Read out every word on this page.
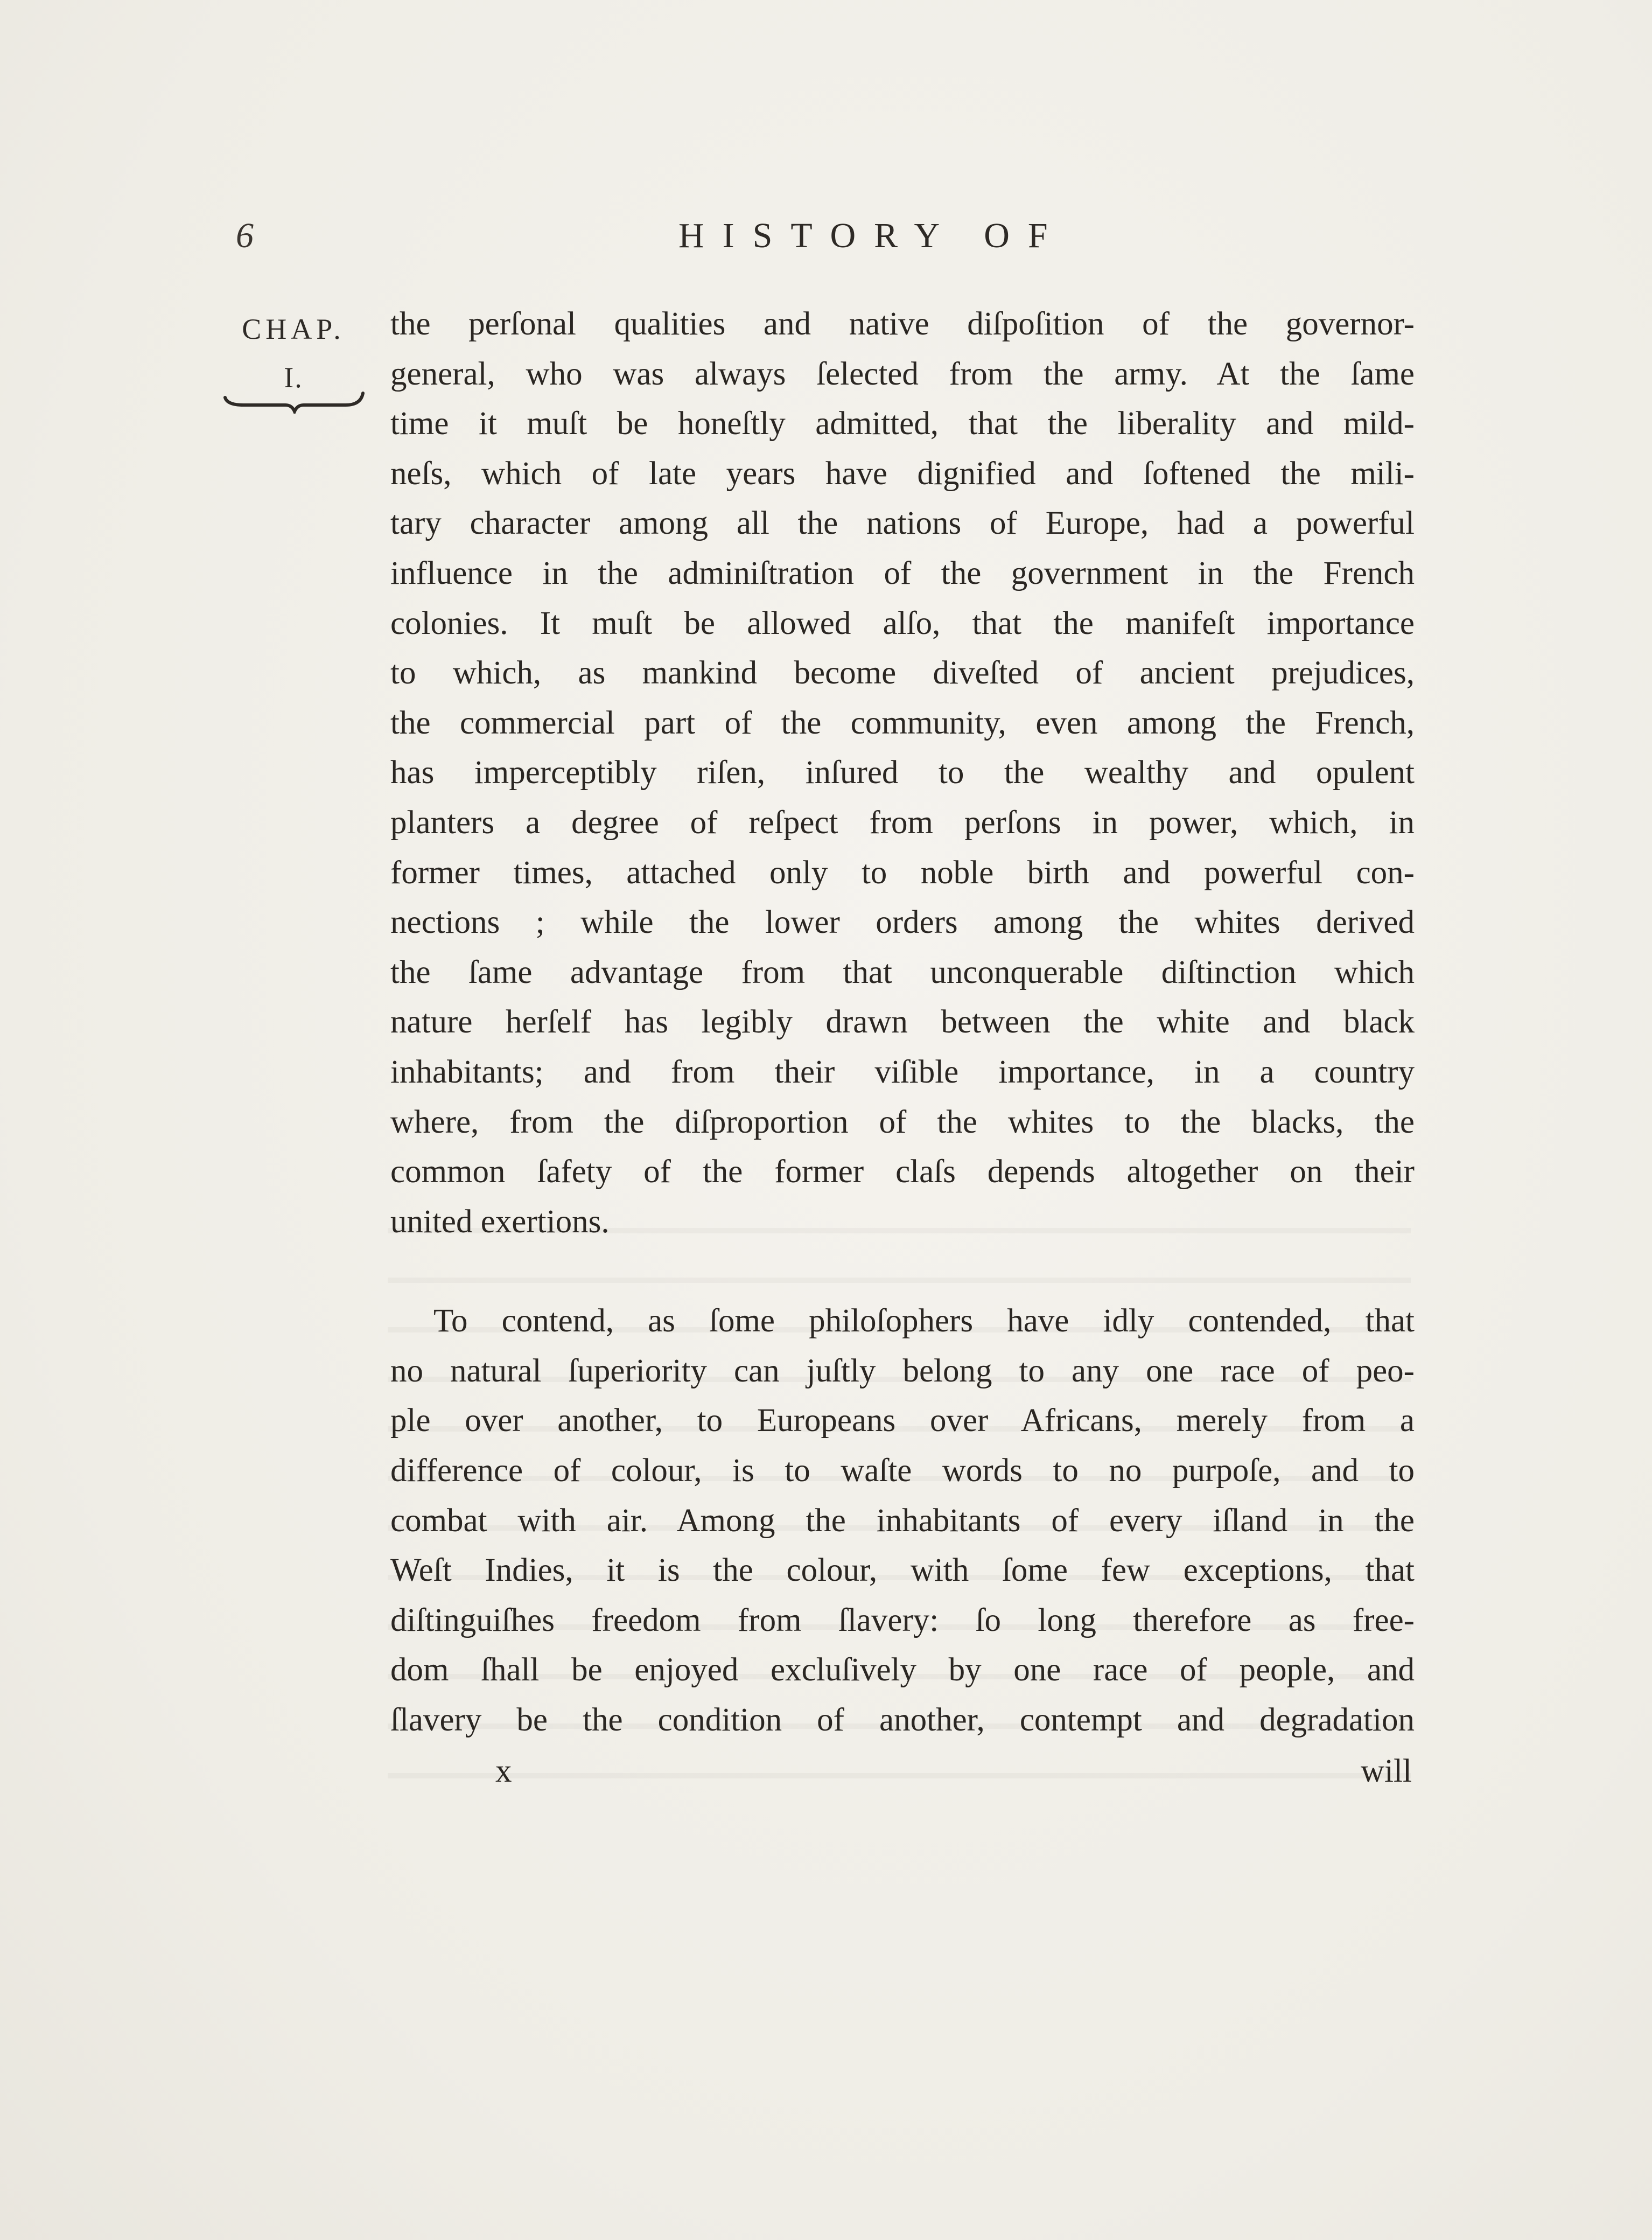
6	HISTORY OF
CHAP.
I.
the perſonal qualities and native diſpoſition of the governor-
general, who was always ſelected from the army. At the ſame
time it muſt be honeſtly admitted, that the liberality and mild-
neſs, which of late years have dignified and ſoftened the mili-
tary character among all the nations of Europe, had a powerful
influence in the adminiſtration of the government in the French
colonies. It muſt be allowed alſo, that the manifeſt importance
to which, as mankind become diveſted of ancient prejudices,
the commercial part of the community, even among the French,
has imperceptibly riſen, inſured to the wealthy and opulent
planters a degree of reſpect from perſons in power, which, in
former times, attached only to noble birth and powerful con-
nections ; while the lower orders among the whites derived
the ſame advantage from that unconquerable diſtinction which
nature herſelf has legibly drawn between the white and black
inhabitants; and from their viſible importance, in a country
where, from the diſproportion of the whites to the blacks, the
common ſafety of the former claſs depends altogether on their
united exertions.
To contend, as ſome philoſophers have idly contended, that
no natural ſuperiority can juſtly belong to any one race of peo-
ple over another, to Europeans over Africans, merely from a
difference of colour, is to waſte words to no purpoſe, and to
combat with air. Among the inhabitants of every iſland in the
Weſt Indies, it is the colour, with ſome few exceptions, that
diſtinguiſhes freedom from ſlavery: ſo long therefore as free-
dom ſhall be enjoyed excluſively by one race of people, and
ſlavery be the condition of another, contempt and degradation
x	will
